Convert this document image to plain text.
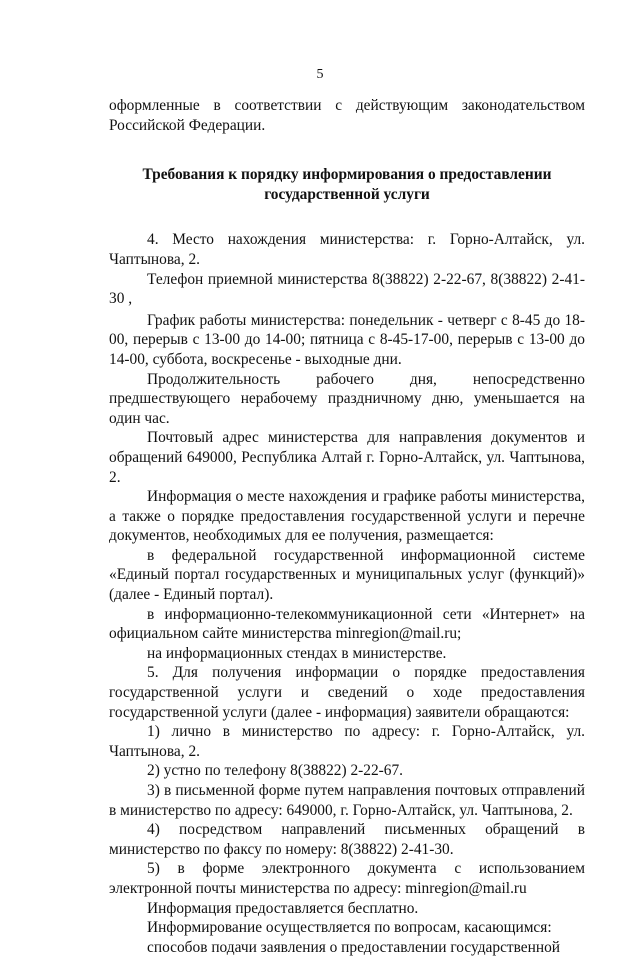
5

оформленные в соответствии с действующим законодательством Российской Федерации.

Требования к порядку информирования о предоставлении
государственной услуги

4. Место нахождения министерства: г. Горно-Алтайск, ул. Чаптынова, 2.

Телефон приемной министерства 8(38822) 2-22-67, 8(38822) 2-41-30 ,

График работы министерства: понедельник - четверг с 8-45 до 18-00, перерыв с 13-00 до 14-00; пятница с 8-45-17-00, перерыв с 13-00 до 14-00, суббота, воскресенье - выходные дни.

Продолжительность рабочего дня, непосредственно предшествующего нерабочему праздничному дню, уменьшается на один час.

Почтовый адрес министерства для направления документов и обращений 649000, Республика Алтай г. Горно-Алтайск, ул. Чаптынова, 2.

Информация о месте нахождения и графике работы министерства, а также о порядке предоставления государственной услуги и перечне документов, необходимых для ее получения, размещается:

в федеральной государственной информационной системе «Единый портал государственных и муниципальных услуг (функций)» (далее - Единый портал).

в информационно-телекоммуникационной сети «Интернет» на официальном сайте министерства minregion@mail.ru;

на информационных стендах в министерстве.

5. Для получения информации о порядке предоставления государственной услуги и сведений о ходе предоставления государственной услуги (далее - информация) заявители обращаются:

1) лично в министерство по адресу: г. Горно-Алтайск, ул. Чаптынова, 2.

2) устно по телефону 8(38822) 2-22-67.

3) в письменной форме путем направления почтовых отправлений в министерство по адресу: 649000, г. Горно-Алтайск, ул. Чаптынова, 2.

4) посредством направлений письменных обращений в министерство по факсу по номеру: 8(38822) 2-41-30.

5) в форме электронного документа с использованием электронной почты министерства по адресу: minregion@mail.ru

Информация предоставляется бесплатно.

Информирование осуществляется по вопросам, касающимся:

способов подачи заявления о предоставлении государственной
